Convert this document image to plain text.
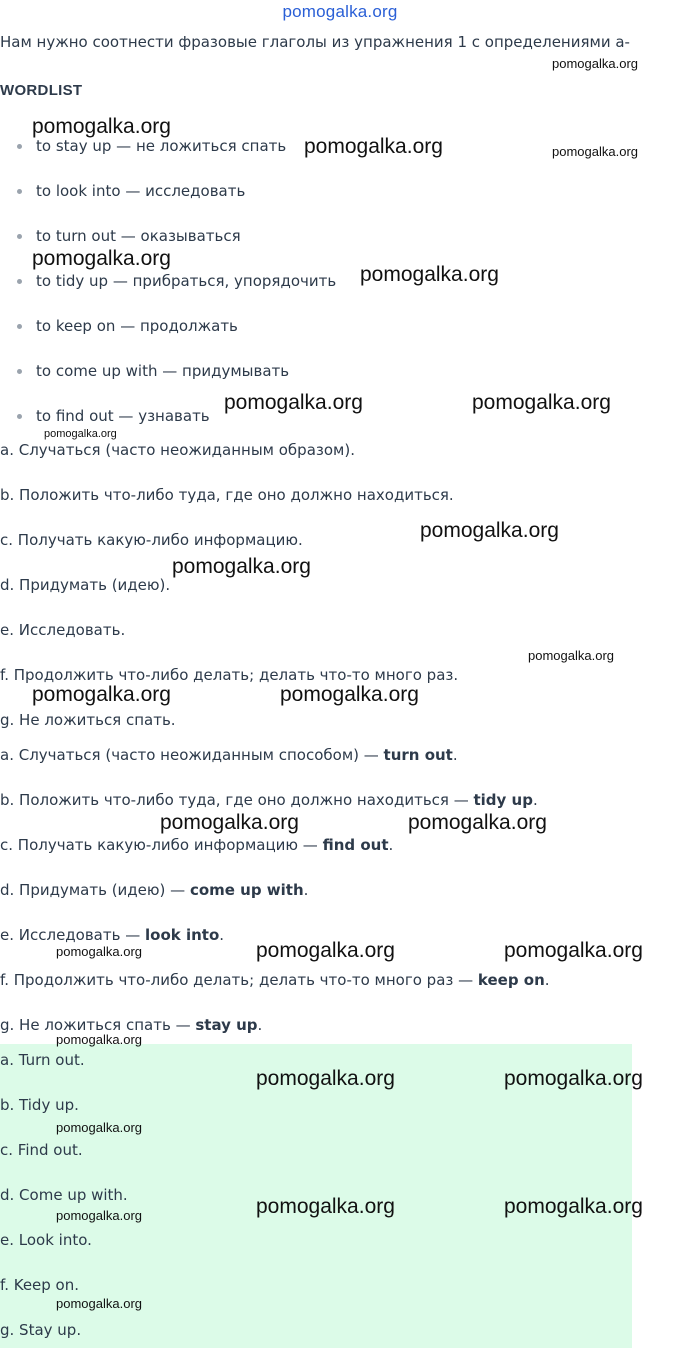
pomogalka.org
Нам нужно соотнести фразовые глаголы из упражнения 1 с определениями a-
WORDLIST
to stay up — не ложиться спать
to look into — исследовать
to turn out — оказываться
to tidy up — прибраться, упорядочить
to keep on — продолжать
to come up with — придумывать
to find out — узнавать
a. Случаться (часто неожиданным образом).
b. Положить что-либо туда, где оно должно находиться.
c. Получать какую-либо информацию.
d. Придумать (идею).
e. Исследовать.
f. Продолжить что-либо делать; делать что-то много раз.
g. Не ложиться спать.
a. Случаться (часто неожиданным способом) — turn out.
b. Положить что-либо туда, где оно должно находиться — tidy up.
c. Получать какую-либо информацию — find out.
d. Придумать (идею) — come up with.
e. Исследовать — look into.
f. Продолжить что-либо делать; делать что-то много раз — keep on.
g. Не ложиться спать — stay up.
a. Turn out.
b. Tidy up.
c. Find out.
d. Come up with.
e. Look into.
f. Keep on.
g. Stay up.
pomogalka.org
pomogalka.org
pomogalka.org	pomogalka.org
pomogalka.org
pomogalka.org
pomogalka.org	pomogalka.org
pomogalka.org
pomogalka.org
pomogalka.org
pomogalka.org
pomogalka.org	pomogalka.org
pomogalka.org	pomogalka.org
pomogalka.org	pomogalka.org	pomogalka.org
pomogalka.org
pomogalka.org	pomogalka.org
pomogalka.org
pomogalka.org	pomogalka.org
pomogalka.org
pomogalka.org
